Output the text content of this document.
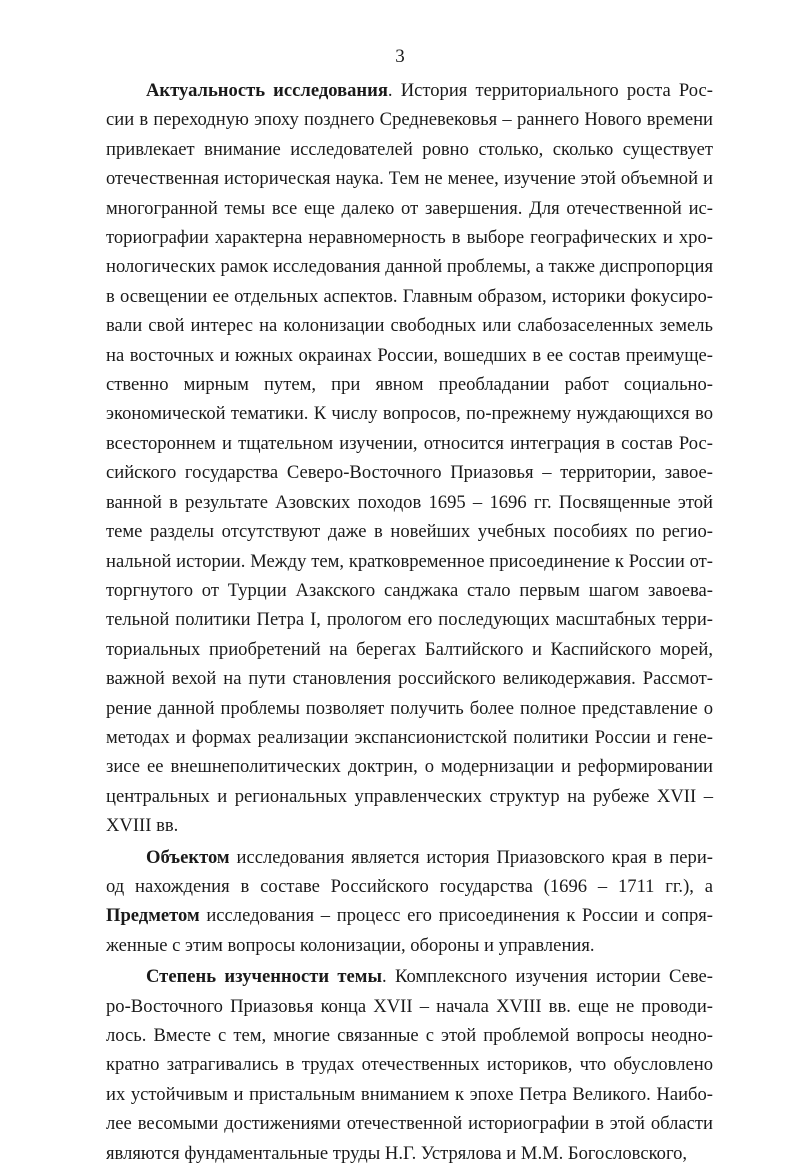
3
Актуальность исследования. История территориального роста Рос-
сии в переходную эпоху позднего Средневековья – раннего Нового времени
привлекает внимание исследователей ровно столько, сколько существует
отечественная историческая наука. Тем не менее, изучение этой объемной и
многогранной темы все еще далеко от завершения. Для отечественной ис-
ториографии характерна неравномерность в выборе географических и хро-
нологических рамок исследования данной проблемы, а также диспропорция
в освещении ее отдельных аспектов. Главным образом, историки фокусиро-
вали свой интерес на колонизации свободных или слабозаселенных земель
на восточных и южных окраинах России, вошедших в ее состав преимуще-
ственно мирным путем, при явном преобладании работ социально-
экономической тематики. К числу вопросов, по-прежнему нуждающихся во
всестороннем и тщательном изучении, относится интеграция в состав Рос-
сийского государства Северо-Восточного Приазовья – территории, завое-
ванной в результате Азовских походов 1695 – 1696 гг. Посвященные этой
теме разделы отсутствуют даже в новейших учебных пособиях по регио-
нальной истории. Между тем, кратковременное присоединение к России от-
торгнутого от Турции Азакского санджака стало первым шагом завоева-
тельной политики Петра I, прологом его последующих масштабных терри-
ториальных приобретений на берегах Балтийского и Каспийского морей,
важной вехой на пути становления российского великодержавия. Рассмот-
рение данной проблемы позволяет получить более полное представление о
методах и формах реализации экспансионистской политики России и гене-
зисе ее внешнеполитических доктрин, о модернизации и реформировании
центральных и региональных управленческих структур на рубеже XVII –
XVIII вв.
Объектом исследования является история Приазовского края в пери-
од нахождения в составе Российского государства (1696 – 1711 гг.), а
Предметом исследования – процесс его присоединения к России и сопря-
женные с этим вопросы колонизации, обороны и управления.
Степень изученности темы. Комплексного изучения истории Севе-
ро-Восточного Приазовья конца XVII – начала XVIII вв. еще не проводи-
лось. Вместе с тем, многие связанные с этой проблемой вопросы неодно-
кратно затрагивались в трудах отечественных историков, что обусловлено
их устойчивым и пристальным вниманием к эпохе Петра Великого. Наибо-
лее весомыми достижениями отечественной историографии в этой области
являются фундаментальные труды Н.Г. Устрялова и М.М. Богословского,
